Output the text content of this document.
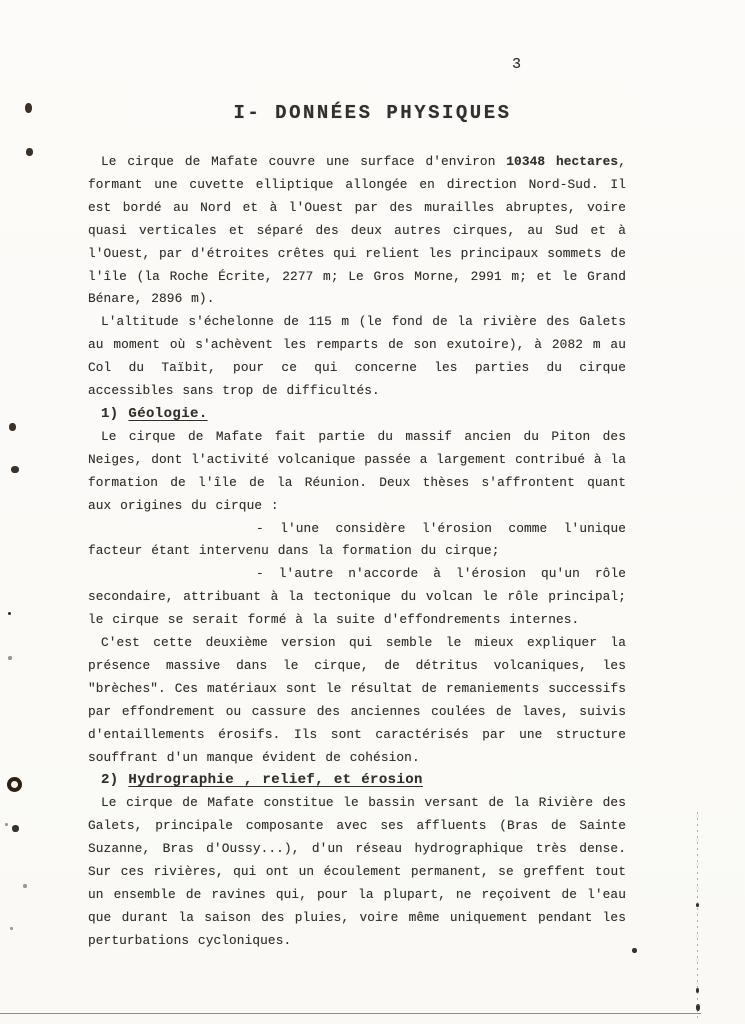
3
I- DONNÉES PHYSIQUES

Le cirque de Mafate couvre une surface d'environ 10348 hectares, formant une cuvette elliptique allongée en direction Nord-Sud. Il est bordé au Nord et à l'Ouest par des murailles abruptes, voire quasi verticales et séparé des deux autres cirques, au Sud et à l'Ouest, par d'étroites crêtes qui relient les principaux sommets de l'île (la Roche Écrite, 2277 m; Le Gros Morne, 2991 m; et le Grand Bénare, 2896 m).

L'altitude s'échelonne de 115 m (le fond de la rivière des Galets au moment où s'achèvent les remparts de son exutoire), à 2082 m au Col du Taïbit, pour ce qui concerne les parties du cirque accessibles sans trop de difficultés.

1) Géologie.

Le cirque de Mafate fait partie du massif ancien du Piton des Neiges, dont l'activité volcanique passée a largement contribué à la formation de l'île de la Réunion. Deux thèses s'affrontent quant aux origines du cirque :

- l'une considère l'érosion comme l'unique facteur étant intervenu dans la formation du cirque;

- l'autre n'accorde à l'érosion qu'un rôle secondaire, attribuant à la tectonique du volcan le rôle principal; le cirque se serait formé à la suite d'effondrements internes.

C'est cette deuxième version qui semble le mieux expliquer la présence massive dans le cirque, de détritus volcaniques, les "brèches". Ces matériaux sont le résultat de remaniements successifs par effondrement ou cassure des anciennes coulées de laves, suivis d'entaillements érosifs. Ils sont caractérisés par une structure souffrant d'un manque évident de cohésion.

2) Hydrographie , relief, et érosion

Le cirque de Mafate constitue le bassin versant de la Rivière des Galets, principale composante avec ses affluents (Bras de Sainte Suzanne, Bras d'Oussy...), d'un réseau hydrographique très dense. Sur ces rivières, qui ont un écoulement permanent, se greffent tout un ensemble de ravines qui, pour la plupart, ne reçoivent de l'eau que durant la saison des pluies, voire même uniquement pendant les perturbations cycloniques.
